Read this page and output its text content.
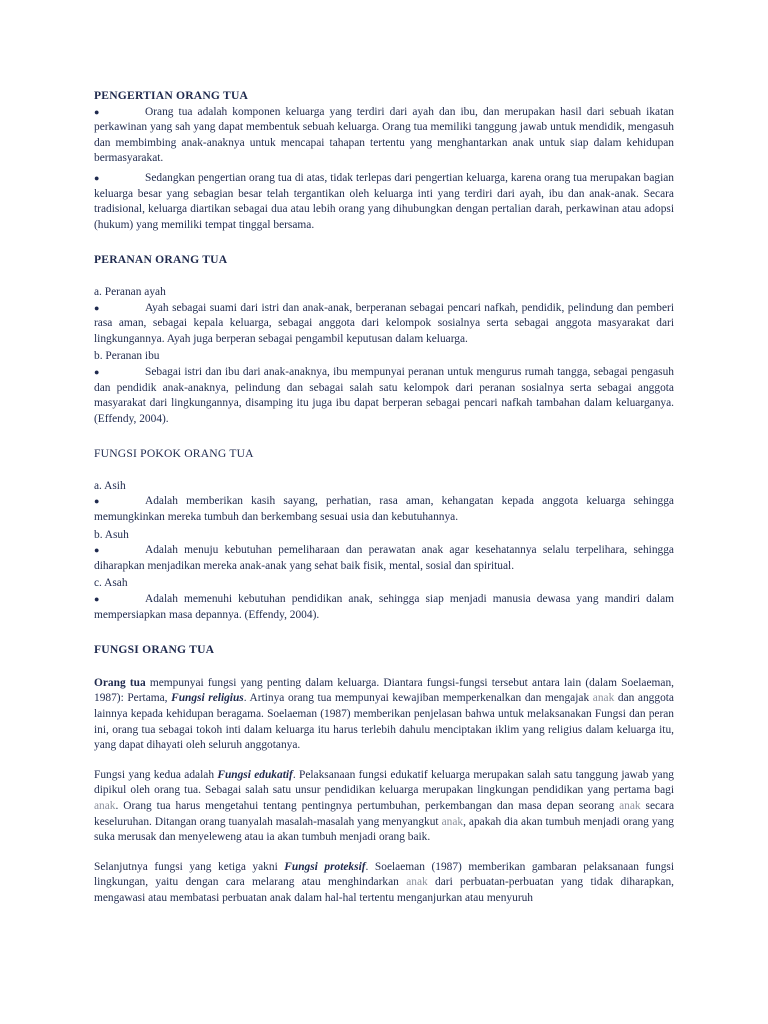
PENGERTIAN ORANG TUA

●	Orang tua adalah komponen keluarga yang terdiri dari ayah dan ibu, dan merupakan hasil dari sebuah ikatan perkawinan yang sah yang dapat membentuk sebuah keluarga. Orang tua memiliki tanggung jawab untuk mendidik, mengasuh dan membimbing anak-anaknya untuk mencapai tahapan tertentu yang menghantarkan anak untuk siap dalam kehidupan bermasyarakat.

●	Sedangkan pengertian orang tua di atas, tidak terlepas dari pengertian keluarga, karena orang tua merupakan bagian keluarga besar yang sebagian besar telah tergantikan oleh keluarga inti yang terdiri dari ayah, ibu dan anak-anak. Secara tradisional, keluarga diartikan sebagai dua atau lebih orang yang dihubungkan dengan pertalian darah, perkawinan atau adopsi (hukum) yang memiliki tempat tinggal bersama.

PERANAN ORANG TUA

a. Peranan ayah

●	Ayah sebagai suami dari istri dan anak-anak, berperanan sebagai pencari nafkah, pendidik, pelindung dan pemberi rasa aman, sebagai kepala keluarga, sebagai anggota dari kelompok sosialnya serta sebagai anggota masyarakat dari lingkungannya. Ayah juga berperan sebagai pengambil keputusan dalam keluarga.

b. Peranan ibu

●	Sebagai istri dan ibu dari anak-anaknya, ibu mempunyai peranan untuk mengurus rumah tangga, sebagai pengasuh dan pendidik anak-anaknya, pelindung dan sebagai salah satu kelompok dari peranan sosialnya serta sebagai anggota masyarakat dari lingkungannya, disamping itu juga ibu dapat berperan sebagai pencari nafkah tambahan dalam keluarganya. (Effendy, 2004).

FUNGSI POKOK ORANG TUA

a. Asih

●	Adalah memberikan kasih sayang, perhatian, rasa aman, kehangatan kepada anggota keluarga sehingga memungkinkan mereka tumbuh dan berkembang sesuai usia dan kebutuhannya.

b. Asuh

●	Adalah menuju kebutuhan pemeliharaan dan perawatan anak agar kesehatannya selalu terpelihara, sehingga diharapkan menjadikan mereka anak-anak yang sehat baik fisik, mental, sosial dan spiritual.

c. Asah

●	Adalah memenuhi kebutuhan pendidikan anak, sehingga siap menjadi manusia dewasa yang mandiri dalam mempersiapkan masa depannya. (Effendy, 2004).

FUNGSI ORANG TUA

Orang tua mempunyai fungsi yang penting dalam keluarga. Diantara fungsi-fungsi tersebut antara lain (dalam Soelaeman, 1987): Pertama, Fungsi religius. Artinya orang tua mempunyai kewajiban memperkenalkan dan mengajak anak dan anggota lainnya kepada kehidupan beragama. Soelaeman (1987) memberikan penjelasan bahwa untuk melaksanakan Fungsi dan peran ini, orang tua sebagai tokoh inti dalam keluarga itu harus terlebih dahulu menciptakan iklim yang religius dalam keluarga itu, yang dapat dihayati oleh seluruh anggotanya.

Fungsi yang kedua adalah Fungsi edukatif. Pelaksanaan fungsi edukatif keluarga merupakan salah satu tanggung jawab yang dipikul oleh orang tua. Sebagai salah satu unsur pendidikan keluarga merupakan lingkungan pendidikan yang pertama bagi anak. Orang tua harus mengetahui tentang pentingnya pertumbuhan, perkembangan dan masa depan seorang anak secara keseluruhan. Ditangan orang tuanyalah masalah-masalah yang menyangkut anak, apakah dia akan tumbuh menjadi orang yang suka merusak dan menyeleweng atau ia akan tumbuh menjadi orang baik.

Selanjutnya fungsi yang ketiga yakni Fungsi proteksif. Soelaeman (1987) memberikan gambaran pelaksanaan fungsi lingkungan, yaitu dengan cara melarang atau menghindarkan anak dari perbuatan-perbuatan yang tidak diharapkan, mengawasi atau membatasi perbuatan anak dalam hal-hal tertentu menganjurkan atau menyuruh
